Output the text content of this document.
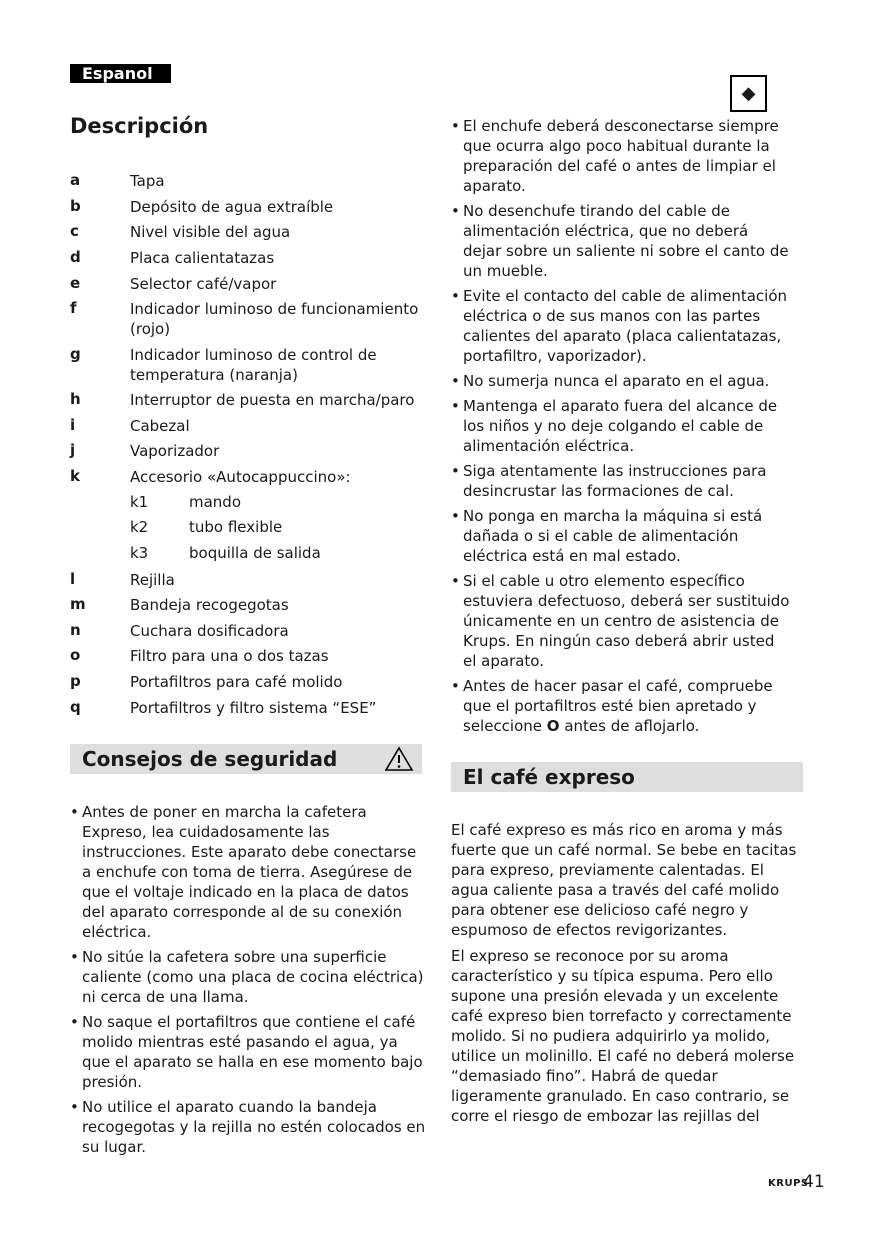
Espanol
◆
Descripción
a	Tapa
b	Depósito de agua extraíble
c	Nivel visible del agua
d	Placa calientatazas
e	Selector café/vapor
f	Indicador luminoso de funcionamiento (rojo)
g	Indicador luminoso de control de temperatura (naranja)
h	Interruptor de puesta en marcha/paro
i	Cabezal
j	Vaporizador
k	Accesorio «Autocappuccino»:
k1	mando
k2	tubo flexible
k3	boquilla de salida
l	Rejilla
m	Bandeja recogegotas
n	Cuchara dosificadora
o	Filtro para una o dos tazas
p	Portafiltros para café molido
q	Portafiltros y filtro sistema “ESE”
Consejos de seguridad
• Antes de poner en marcha la cafetera Expreso, lea cuidadosamente las instrucciones. Este aparato debe conectarse a enchufe con toma de tierra. Asegúrese de que el voltaje indicado en la placa de datos del aparato corresponde al de su conexión eléctrica.
• No sitúe la cafetera sobre una superficie caliente (como una placa de cocina eléctrica) ni cerca de una llama.
• No saque el portafiltros que contiene el café molido mientras esté pasando el agua, ya que el aparato se halla en ese momento bajo presión.
• No utilice el aparato cuando la bandeja recogegotas y la rejilla no estén colocados en su lugar.
• El enchufe deberá desconectarse siempre que ocurra algo poco habitual durante la preparación del café o antes de limpiar el aparato.
• No desenchufe tirando del cable de alimentación eléctrica, que no deberá dejar sobre un saliente ni sobre el canto de un mueble.
• Evite el contacto del cable de alimentación eléctrica o de sus manos con las partes calientes del aparato (placa calientatazas, portafiltro, vaporizador).
• No sumerja nunca el aparato en el agua.
• Mantenga el aparato fuera del alcance de los niños y no deje colgando el cable de alimentación eléctrica.
• Siga atentamente las instrucciones para desincrustar las formaciones de cal.
• No ponga en marcha la máquina si está dañada o si el cable de alimentación eléctrica está en mal estado.
• Si el cable u otro elemento específico estuviera defectuoso, deberá ser sustituido únicamente en un centro de asistencia de Krups. En ningún caso deberá abrir usted el aparato.
• Antes de hacer pasar el café, compruebe que el portafiltros esté bien apretado y seleccione O antes de aflojarlo.
El café expreso

El café expreso es más rico en aroma y más fuerte que un café normal. Se bebe en tacitas para expreso, previamente calentadas. El agua caliente pasa a través del café molido para obtener ese delicioso café negro y espumoso de efectos revigorizantes.

El expreso se reconoce por su aroma característico y su típica espuma. Pero ello supone una presión elevada y un excelente café expreso bien torrefacto y correctamente molido. Si no pudiera adquirirlo ya molido, utilice un molinillo. El café no deberá molerse “demasiado fino”. Habrá de quedar ligeramente granulado. En caso contrario, se corre el riesgo de embozar las rejillas del

KRUPS
41
